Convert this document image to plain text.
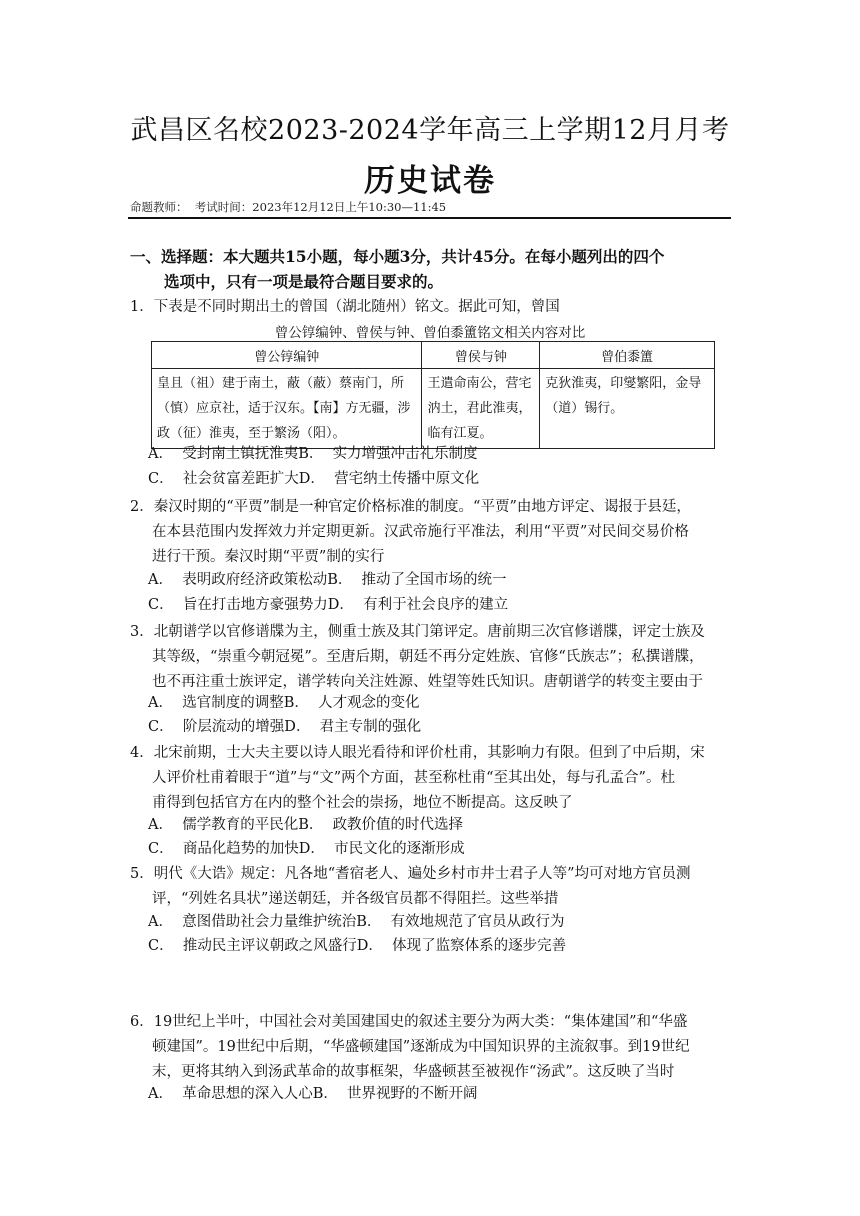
武昌区名校2023-2024学年高三上学期12月月考
历史试卷
命题教师：  考试时间：2023年12月12日上午10:30—11:45
一、选择题：本大题共15小题，每小题3分，共计45分。在每小题列出的四个
选项中，只有一项是最符合题目要求的。
1．下表是不同时期出土的曾国（湖北随州）铭文。据此可知，曾国
曾公𬭚编钟、曾侯与钟、曾伯黍簠铭文相关内容对比
曾公𬭚编钟	曾侯与钟	曾伯黍簠
皇且（祖）建于南土，蔽（蔽）蔡南门，所（慎）应京社，适于汉东。【南】方无疆，涉政（征）淮夷，至于繁汤（阳）。	王遣命南公，营宅汭土，君此淮夷，临有江夏。	克狄淮夷，印燮繁阳，金导（道）锡行。
A．  受封南土镇抚淮夷B．  实力增强冲击礼乐制度
C．  社会贫富差距扩大D．  营宅纳土传播中原文化
2．秦汉时期的“平贾”制是一种官定价格标准的制度。“平贾”由地方评定、谒报于县廷，
在本县范围内发挥效力并定期更新。汉武帝施行平准法，利用“平贾”对民间交易价格
进行干预。秦汉时期“平贾”制的实行
A．  表明政府经济政策松动B．  推动了全国市场的统一
C．  旨在打击地方豪强势力D．  有利于社会良序的建立
3．北朝谱学以官修谱牒为主，侧重士族及其门第评定。唐前期三次官修谱牒，评定士族及
其等级，“崇重今朝冠冕”。至唐后期，朝廷不再分定姓族、官修“氏族志”；私撰谱牒，
也不再注重士族评定，谱学转向关注姓源、姓望等姓氏知识。唐朝谱学的转变主要由于
A．  选官制度的调整B．  人才观念的变化
C．  阶层流动的增强D．  君主专制的强化
4．北宋前期，士大夫主要以诗人眼光看待和评价杜甫，其影响力有限。但到了中后期，宋
人评价杜甫着眼于“道”与“文”两个方面，甚至称杜甫“至其出处，每与孔孟合”。杜
甫得到包括官方在内的整个社会的崇扬，地位不断提高。这反映了
A．  儒学教育的平民化B．  政教价值的时代选择
C．  商品化趋势的加快D．  市民文化的逐渐形成
5．明代《大诰》规定：凡各地“耆宿老人、遍处乡村市井士君子人等”均可对地方官员测
评，“列姓名具状”递送朝廷，并各级官员都不得阻拦。这些举措
A．  意图借助社会力量维护统治B．  有效地规范了官员从政行为
C．  推动民主评议朝政之风盛行D．  体现了监察体系的逐步完善
6．19世纪上半叶，中国社会对美国建国史的叙述主要分为两大类：“集体建国”和“华盛
顿建国”。19世纪中后期，“华盛顿建国”逐渐成为中国知识界的主流叙事。到19世纪
末，更将其纳入到汤武革命的故事框架，华盛顿甚至被视作“汤武”。这反映了当时
A．  革命思想的深入人心B．  世界视野的不断开阔
